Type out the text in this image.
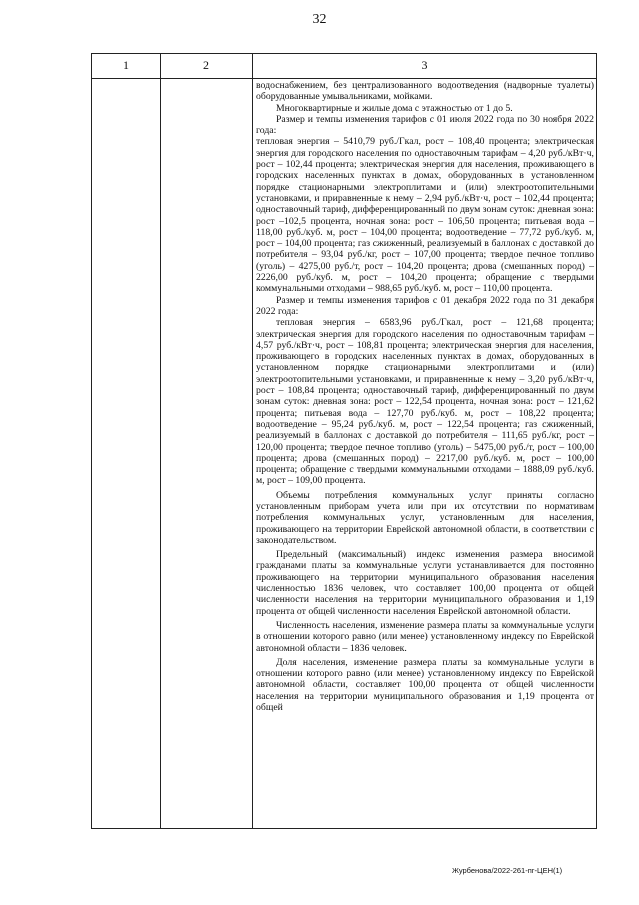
32
1	2	3

водоснабжением, без централизованного водоотведения (надворные туалеты) оборудованные умывальниками, мойками.

Многоквартирные и жилые дома с этажностью от 1 до 5.

Размер и темпы изменения тарифов с 01 июля 2022 года по 30 ноября 2022 года:

тепловая энергия – 5410,79 руб./Гкал, рост – 108,40 процента; электрическая энергия для городского населения по одноставочным тарифам – 4,20 руб./кВт·ч, рост – 102,44 процента; электрическая энергия для населения, проживающего в городских населенных пунктах в домах, оборудованных в установленном порядке стационарными электроплитами и (или) электроотопительными установками, и приравненные к нему – 2,94 руб./кВт·ч, рост – 102,44 процента; одноставочный тариф, дифференцированный по двум зонам суток: дневная зона: рост –102,5 процента, ночная зона: рост – 106,50 процента; питьевая вода – 118,00 руб./куб. м, рост – 104,00 процента; водоотведение – 77,72 руб./куб. м, рост – 104,00 процента; газ сжиженный, реализуемый в баллонах с доставкой до потребителя – 93,04 руб./кг, рост – 107,00 процента; твердое печное топливо (уголь) – 4275,00 руб./т, рост – 104,20 процента; дрова (смешанных пород) – 2226,00 руб./куб. м, рост – 104,20 процента; обращение с твердыми коммунальными отходами – 988,65 руб./куб. м, рост – 110,00 процента.

Размер и темпы изменения тарифов с 01 декабря 2022 года по 31 декабря 2022 года:

тепловая энергия – 6583,96 руб./Гкал, рост – 121,68 процента; электрическая энергия для городского населения по одноставочным тарифам – 4,57 руб./кВт·ч, рост – 108,81 процента; электрическая энергия для населения, проживающего в городских населенных пунктах в домах, оборудованных в установленном порядке стационарными электроплитами и (или) электроотопительными установками, и приравненные к нему – 3,20 руб./кВт·ч, рост – 108,84 процента; одноставочный тариф, дифференцированный по двум зонам суток: дневная зона: рост – 122,54 процента, ночная зона: рост – 121,62 процента; питьевая вода – 127,70 руб./куб. м, рост – 108,22 процента; водоотведение – 95,24 руб./куб. м, рост – 122,54 процента; газ сжиженный, реализуемый в баллонах с доставкой до потребителя – 111,65 руб./кг, рост – 120,00 процента; твердое печное топливо (уголь) – 5475,00 руб./т, рост – 100,00 процента; дрова (смешанных пород) – 2217,00 руб./куб. м, рост – 100,00 процента; обращение с твердыми коммунальными отходами – 1888,09 руб./куб. м, рост – 109,00 процента.

Объемы потребления коммунальных услуг приняты согласно установленным приборам учета или при их отсутствии по нормативам потребления коммунальных услуг, установленным для населения, проживающего на территории Еврейской автономной области, в соответствии с законодательством.

Предельный (максимальный) индекс изменения размера вносимой гражданами платы за коммунальные услуги устанавливается для постоянно проживающего на территории муниципального образования населения численностью 1836 человек, что составляет 100,00 процента от общей численности населения на территории муниципального образования и 1,19 процента от общей численности населения Еврейской автономной области.

Численность населения, изменение размера платы за коммунальные услуги в отношении которого равно (или менее) установленному индексу по Еврейской автономной области – 1836 человек.

Доля населения, изменение размера платы за коммунальные услуги в отношении которого равно (или менее) установленному индексу по Еврейской автономной области, составляет 100,00 процента от общей численности населения на территории муниципального образования и 1,19 процента от общей

Журбенова/2022-261-пг-ЦЕН(1)
